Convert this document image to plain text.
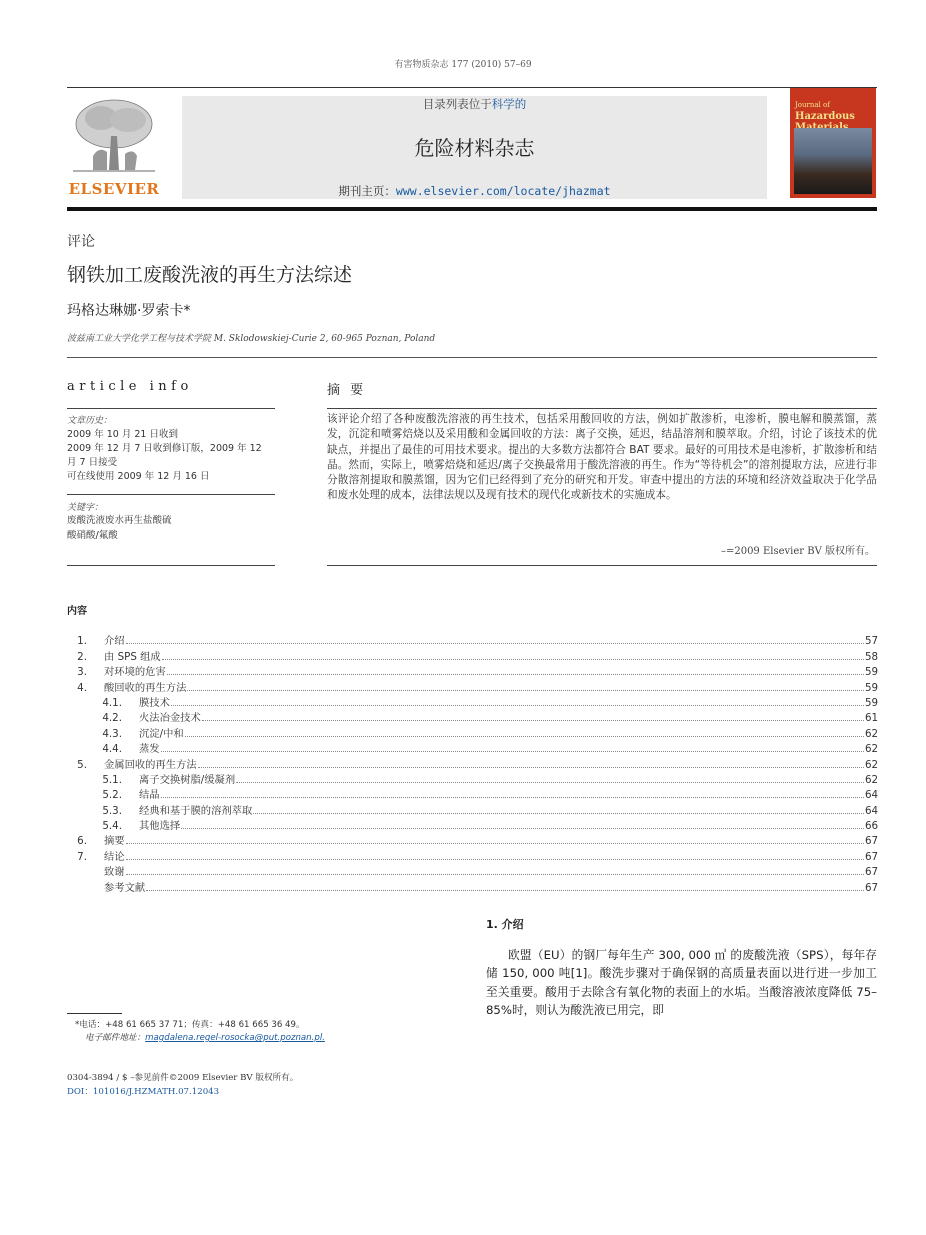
有害物质杂志 177 (2010) 57–69
ELSEVIER
目录列表位于科学的
危险材料杂志
期刊主页：www.elsevier.com/locate/jhazmat
Journal of
Hazardous
评论
钢铁加工废酸洗液的再生方法综述
玛格达琳娜·罗索卡*
波兹南工业大学化学工程与技术学院 M. Sklodowskiej-Curie 2, 60-965 Poznan, Poland
article info
文章历史：
2009 年 10 月 21 日收到
2009 年 12 月 7 日收到修订版，2009 年 12 月 7 日接受
可在线使用 2009 年 12 月 16 日
关键字：
废酸洗液废水再生盐酸硫
酸硝酸/氟酸
摘 要
该评论介绍了各种废酸洗溶液的再生技术，包括采用酸回收的方法，例如扩散渗析，电渗析，膜电解和膜蒸馏，蒸发，沉淀和喷雾焙烧以及采用酸和金属回收的方法：离子交换，延迟，结晶溶剂和膜萃取。介绍，讨论了该技术的优缺点，并提出了最佳的可用技术要求。提出的大多数方法都符合 BAT 要求。最好的可用技术是电渗析，扩散渗析和结晶。然而，实际上，喷雾焙烧和延迟/离子交换最常用于酸洗溶液的再生。作为“等待机会”的溶剂提取方法，应进行非分散溶剂提取和膜蒸馏，因为它们已经得到了充分的研究和开发。审查中提出的方法的环境和经济效益取决于化学品和废水处理的成本，法律法规以及现有技术的现代化或新技术的实施成本。
–=2009 Elsevier BV 版权所有。
内容
1. 介绍	57
2. 由 SPS 组成	58
3. 对环境的危害	59
4. 酸回收的再生方法	59
4.1. 膜技术	59
4.2. 火法冶金技术	61
4.3. 沉淀/中和	62
4.4. 蒸发	62
5. 金属回收的再生方法	62
5.1. 离子交换树脂/缓凝剂	62
5.2. 结晶	64
5.3. 经典和基于膜的溶剂萃取	64
5.4. 其他选择	66
6. 摘要	67
7. 结论	67
致谢	67
参考文献	67
1. 介绍
欧盟（EU）的钢厂每年生产 300, 000 ㎥ 的废酸洗液（SPS），每年存储 150, 000 吨[1]。酸洗步骤对于确保钢的高质量表面以进行进一步加工至关重要。酸用于去除含有氧化物的表面上的水垢。当酸溶液浓度降低 75–85%时，则认为酸洗液已用完，即
*电话：+48 61 665 37 71；传真：+48 61 665 36 49。
电子邮件地址：magdalena.regel-rosocka@put.poznan.pl.
0304-3894 / $ –参见前件©2009 Elsevier BV 版权所有。
DOI：101016/J.HZMATH.07.12043
